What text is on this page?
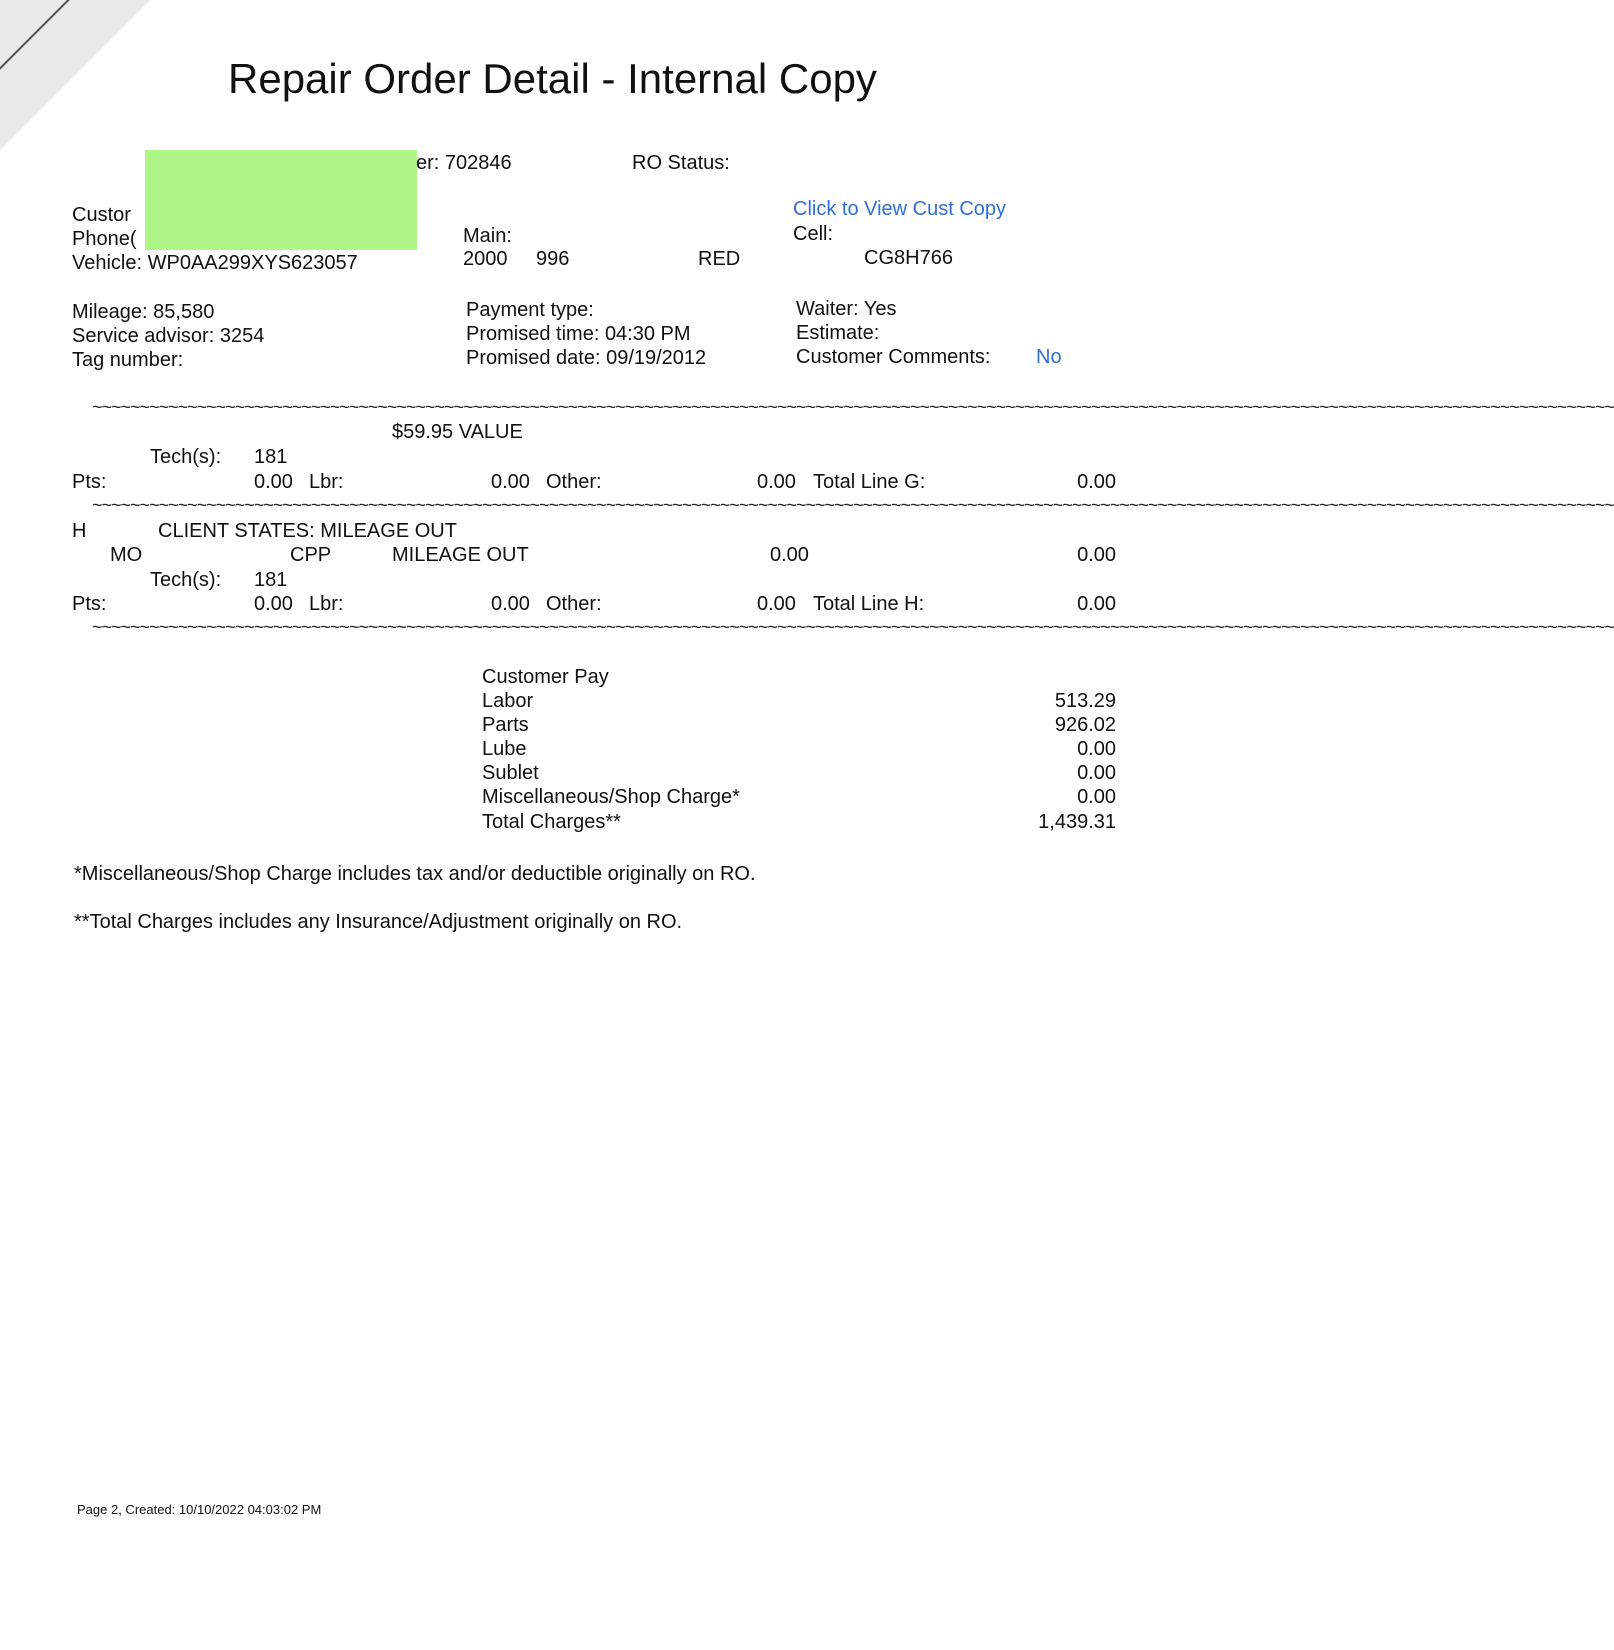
Repair Order Detail - Internal Copy
Custor
Phone(
Vehicle: WP0AA299XYS623057
er: 702846	RO Status:
Main:
2000 996	RED
Click to View Cust Copy
Cell:
CG8H766
Mileage: 85,580
Service advisor: 3254
Tag number:
Payment type:
Promised time: 04:30 PM
Promised date: 09/19/2012
Waiter: Yes
Estimate:
Customer Comments: No
~~~~~~~~~~~~~~~~~~~~~~~~~~~~~~~~~~~~~~~~~~~~~~~~~~~~~~~~~~~~~~~~~~~~~~~~~~~~~~~~~~~~~~~~~~~~~~~~~~~~~~~~~~~~~~~~~~~~~~~~~~~~~~~~~~~~~~~~~~~~~~~~~~~~~~~~~~~~~~~~
$59.95 VALUE
Tech(s): 181
Pts:	0.00 Lbr:	0.00 Other:	0.00 Total Line G:	0.00
~~~~~~~~~~~~~~~~~~~~~~~~~~~~~~~~~~~~~~~~~~~~~~~~~~~~~~~~~~~~~~~~~~~~~~~~~~~~~~~~~~~~~~~~~~~~~~~~~~~~~~~~~~~~~~~~~~~~~~~~~~~~~~~~~~~~~~~~~~~~~~~~~~~~~~~~~~~~~~~~
H	CLIENT STATES: MILEAGE OUT
MO	CPP	MILEAGE OUT	0.00	0.00
Tech(s): 181
Pts:	0.00 Lbr:	0.00 Other:	0.00 Total Line H:	0.00
~~~~~~~~~~~~~~~~~~~~~~~~~~~~~~~~~~~~~~~~~~~~~~~~~~~~~~~~~~~~~~~~~~~~~~~~~~~~~~~~~~~~~~~~~~~~~~~~~~~~~~~~~~~~~~~~~~~~~~~~~~~~~~~~~~~~~~~~~~~~~~~~~~~~~~~~~~~~~~~~
Customer Pay
Labor	513.29
Parts	926.02
Lube	0.00
Sublet	0.00
Miscellaneous/Shop Charge*	0.00
Total Charges**	1,439.31
*Miscellaneous/Shop Charge includes tax and/or deductible originally on RO.
**Total Charges includes any Insurance/Adjustment originally on RO.
Page 2, Created: 10/10/2022 04:03:02 PM
